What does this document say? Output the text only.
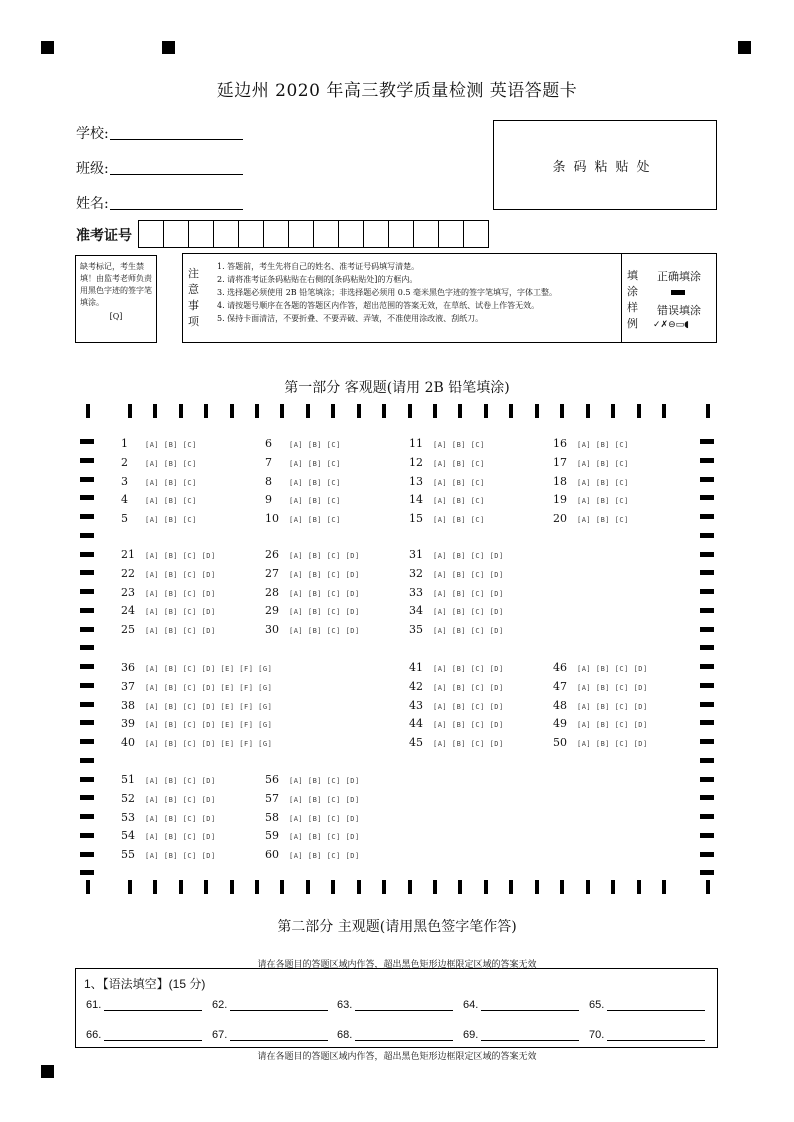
延边州 2020 年高三教学质量检测 英语答题卡
学校:
班级:
姓名:
准考证号
条码粘贴处
缺考标记，考生禁填！由监考老师负责用黑色字迹的签字笔填涂。
[Q]
注意事项
1. 答题前，考生先将自己的姓名、准考证号码填写清楚。
2. 请将准考证条码粘贴在右侧的[条码粘贴处]的方框内。
3. 选择题必须使用 2B 铅笔填涂；非选择题必须用 0.5 毫米黑色字迹的签字笔填写，字体工整。
4. 请按题号顺序在各题的答题区内作答，超出范围的答案无效，在草纸、试卷上作答无效。
5. 保持卡面清洁，不要折叠、不要弄破、弄皱，不准使用涂改液、刮纸刀。
填涂样例
正确填涂
错误填涂
✓✗⊖▭◖
第一部分 客观题(请用 2B 铅笔填涂)
1 [A] [B] [C]
2 [A] [B] [C]
3 [A] [B] [C]
4 [A] [B] [C]
5 [A] [B] [C]
6 [A] [B] [C]
7 [A] [B] [C]
8 [A] [B] [C]
9 [A] [B] [C]
10 [A] [B] [C]
11 [A] [B] [C]
12 [A] [B] [C]
13 [A] [B] [C]
14 [A] [B] [C]
15 [A] [B] [C]
16 [A] [B] [C]
17 [A] [B] [C]
18 [A] [B] [C]
19 [A] [B] [C]
20 [A] [B] [C]
21 [A] [B] [C] [D]
22 [A] [B] [C] [D]
23 [A] [B] [C] [D]
24 [A] [B] [C] [D]
25 [A] [B] [C] [D]
26 [A] [B] [C] [D]
27 [A] [B] [C] [D]
28 [A] [B] [C] [D]
29 [A] [B] [C] [D]
30 [A] [B] [C] [D]
31 [A] [B] [C] [D]
32 [A] [B] [C] [D]
33 [A] [B] [C] [D]
34 [A] [B] [C] [D]
35 [A] [B] [C] [D]
36 [A] [B] [C] [D] [E] [F] [G]
37 [A] [B] [C] [D] [E] [F] [G]
38 [A] [B] [C] [D] [E] [F] [G]
39 [A] [B] [C] [D] [E] [F] [G]
40 [A] [B] [C] [D] [E] [F] [G]
41 [A] [B] [C] [D]
42 [A] [B] [C] [D]
43 [A] [B] [C] [D]
44 [A] [B] [C] [D]
45 [A] [B] [C] [D]
46 [A] [B] [C] [D]
47 [A] [B] [C] [D]
48 [A] [B] [C] [D]
49 [A] [B] [C] [D]
50 [A] [B] [C] [D]
51 [A] [B] [C] [D]
52 [A] [B] [C] [D]
53 [A] [B] [C] [D]
54 [A] [B] [C] [D]
55 [A] [B] [C] [D]
56 [A] [B] [C] [D]
57 [A] [B] [C] [D]
58 [A] [B] [C] [D]
59 [A] [B] [C] [D]
60 [A] [B] [C] [D]
第二部分 主观题(请用黑色签字笔作答)
请在各题目的答题区域内作答，超出黑色矩形边框限定区域的答案无效
1、【语法填空】(15 分)
61.	62.	63.	64.	65.
66.	67.	68.	69.	70.
请在各题目的答题区域内作答，超出黑色矩形边框限定区域的答案无效
